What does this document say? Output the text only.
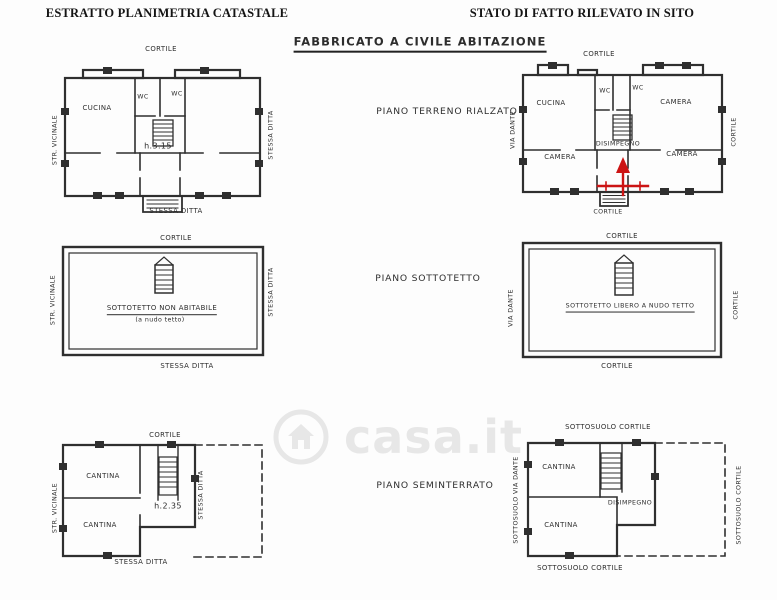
casa.it
ESTRATTO PLANIMETRIA CATASTALE	STATO DI FATTO RILEVATO IN SITO
FABBRICATO A CIVILE ABITAZIONE
CORTILE
CUCINA
WC	WC
h.3.15
STESSA DITTA
STR. VICINALE	STESSA DITTA	PIANO TERRENO RIALZATO
CORTILE
CUCINA
WC	WC
CAMERA
DISIMPEGNO
CAMERA	CAMERA
CORTILE
VIA DANTE	CORTILE
CORTILE
SOTTOTETTO NON ABITABILE
(a nudo tetto)
STESSA DITTA
STR. VICINALE	STESSA DITTA	PIANO SOTTOTETTO
CORTILE
SOTTOTETTO LIBERO A NUDO TETTO
CORTILE
VIA DANTE	CORTILE
CORTILE
CANTINA
CANTINA
h.2.35 STESSA DITTA
STESSA DITTA
STR. VICINALE	PIANO SEMINTERRATO
SOTTOSUOLO CORTILE
CANTINA
CANTINA
DISIMPEGNO
SOTTOSUOLO VIA DANTE	SOTTOSUOLO CORTILE
SOTTOSUOLO CORTILE
